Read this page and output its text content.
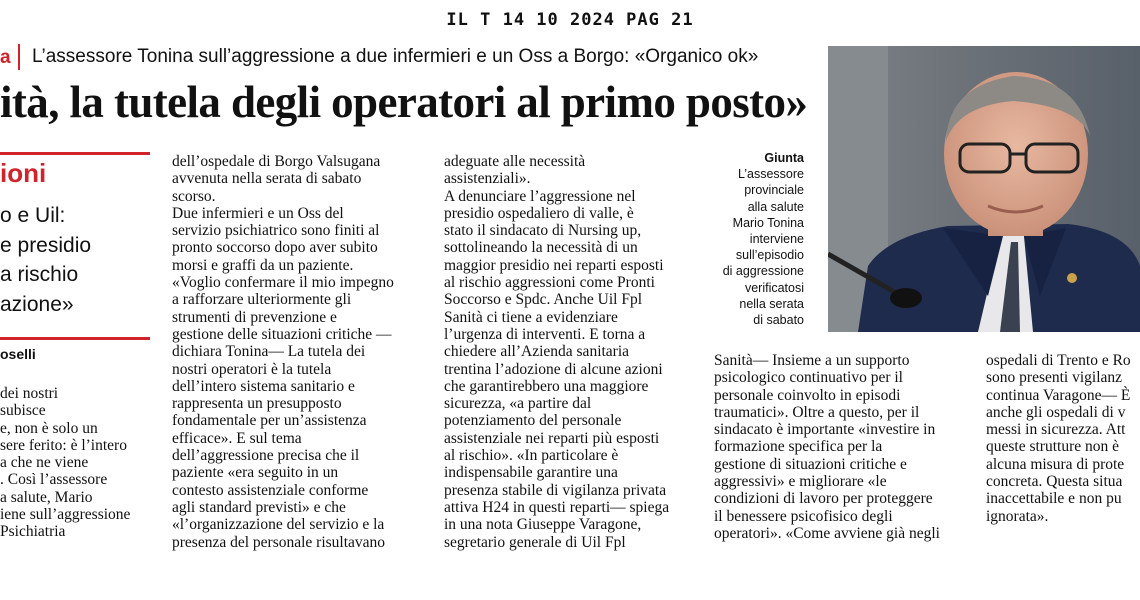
IL T 14 10 2024 PAG 21
a L’assessore Tonina sull’aggressione a due infermieri e un Oss a Borgo: «Organico ok»
ità, la tutela degli operatori al primo posto»
ioni
o e Uil:
e presidio
a rischio
azione»
oselli
dei nostri
subisce
e, non è solo un
sere ferito: è l’intero
a che ne viene
. Così l’assessore
a salute, Mario
iene sull’aggressione
Psichiatria
dell’ospedale di Borgo Valsugana
avvenuta nella serata di sabato
scorso.
Due infermieri e un Oss del
servizio psichiatrico sono finiti al
pronto soccorso dopo aver subito
morsi e graffi da un paziente.
«Voglio confermare il mio impegno
a rafforzare ulteriormente gli
strumenti di prevenzione e
gestione delle situazioni critiche —
dichiara Tonina— La tutela dei
nostri operatori è la tutela
dell’intero sistema sanitario e
rappresenta un presupposto
fondamentale per un’assistenza
efficace». E sul tema
dell’aggressione precisa che il
paziente «era seguito in un
contesto assistenziale conforme
agli standard previsti» e che
«l’organizzazione del servizio e la
presenza del personale risultavano
adeguate alle necessità
assistenziali».
A denunciare l’aggressione nel
presidio ospedaliero di valle, è
stato il sindacato di Nursing up,
sottolineando la necessità di un
maggior presidio nei reparti esposti
al rischio aggressioni come Pronti
Soccorso e Spdc. Anche Uil Fpl
Sanità ci tiene a evidenziare
l’urgenza di interventi. E torna a
chiedere all’Azienda sanitaria
trentina l’adozione di alcune azioni
che garantirebbero una maggiore
sicurezza, «a partire dal
potenziamento del personale
assistenziale nei reparti più esposti
al rischio». «In particolare è
indispensabile garantire una
presenza stabile di vigilanza privata
attiva H24 in questi reparti— spiega
in una nota Giuseppe Varagone,
segretario generale di Uil Fpl
Giunta
L’assessore
provinciale
alla salute
Mario Tonina
interviene
sull’episodio
di aggressione
verificatosi
nella serata
di sabato
Sanità— Insieme a un supporto
psicologico continuativo per il
personale coinvolto in episodi
traumatici». Oltre a questo, per il
sindacato è importante «investire in
formazione specifica per la
gestione di situazioni critiche e
aggressivi» e migliorare «le
condizioni di lavoro per proteggere
il benessere psicofisico degli
operatori». «Come avviene già negli
ospedali di Trento e Ro
sono presenti vigilanz
continua Varagone— È
anche gli ospedali di v
messi in sicurezza. Att
queste strutture non è
alcuna misura di prote
concreta. Questa situa
inaccettabile e non pu
ignorata».
